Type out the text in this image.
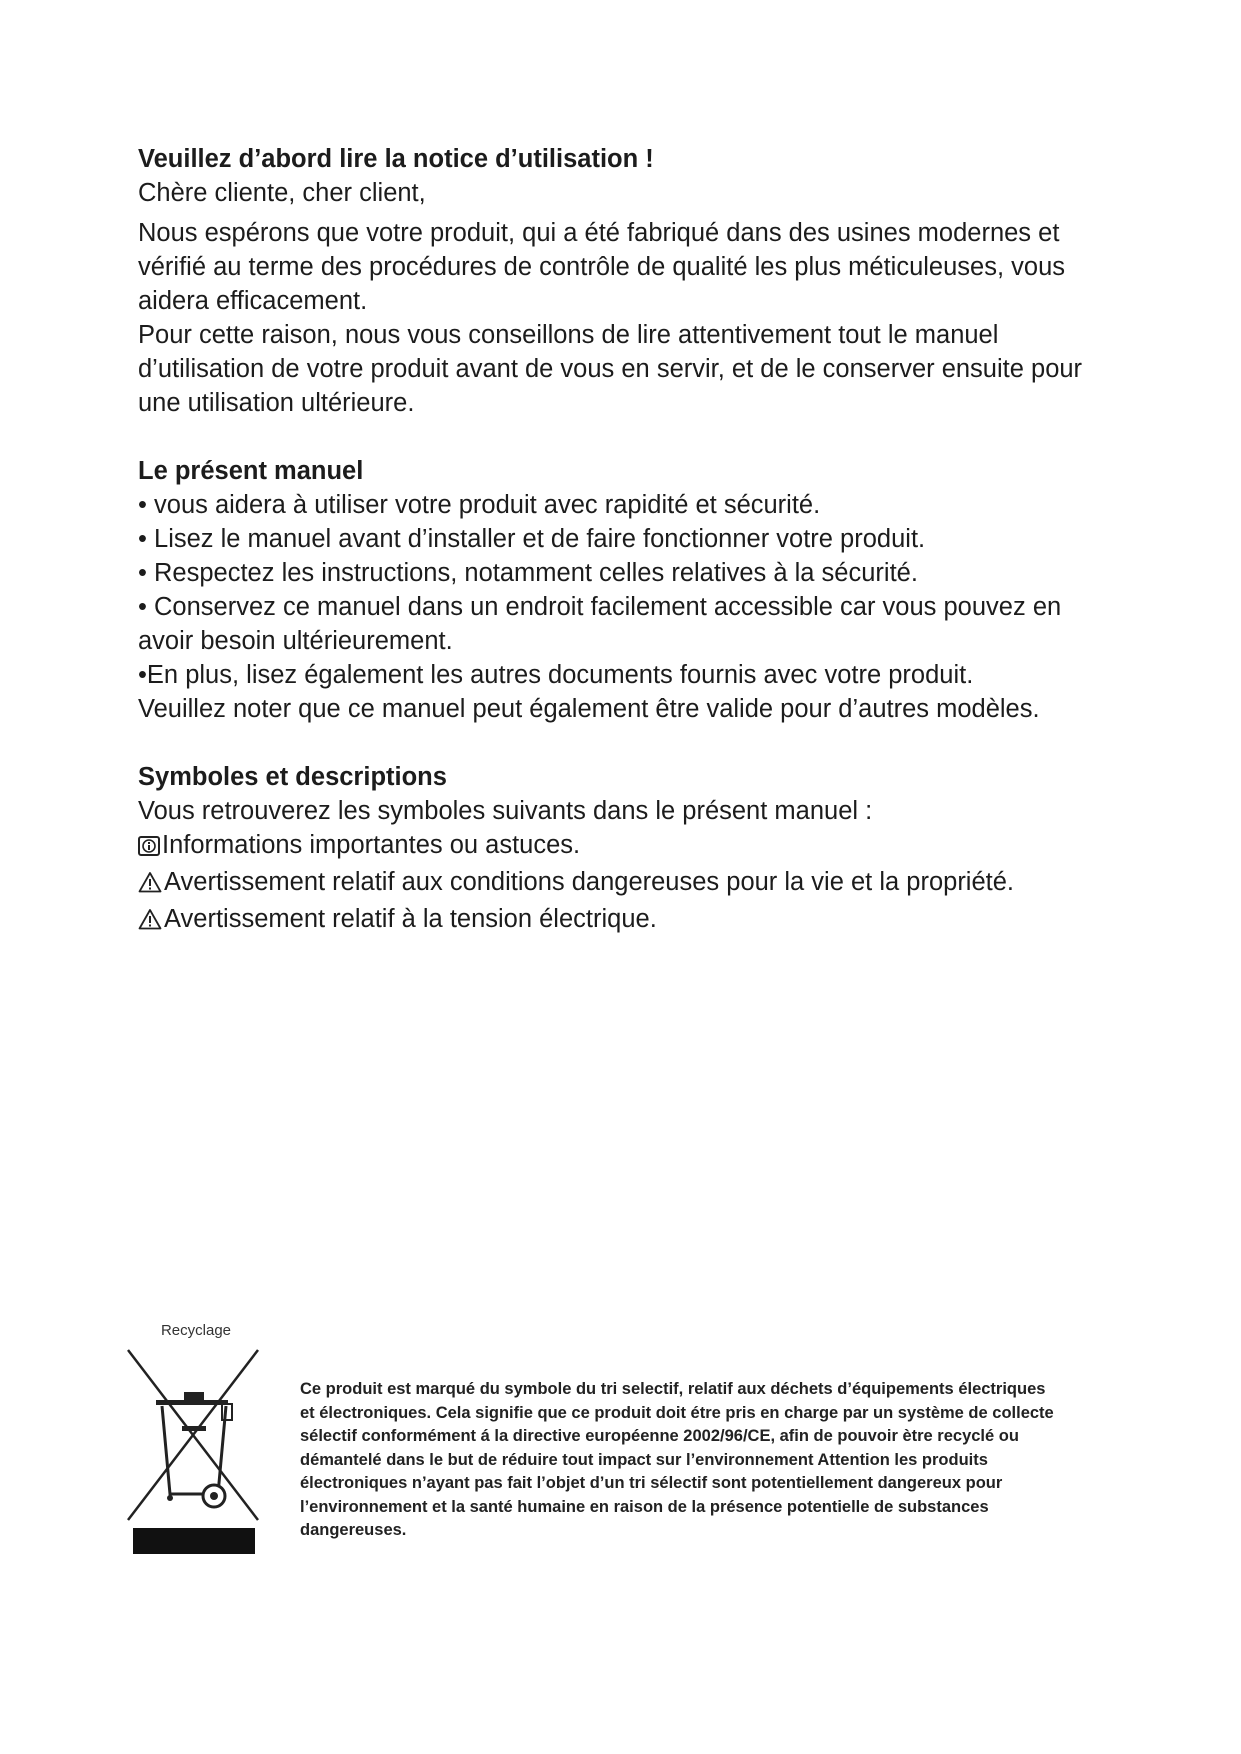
Veuillez d’abord lire la notice d’utilisation !

Chère cliente, cher client,

Nous espérons que votre produit, qui a été fabriqué dans des usines modernes et vérifié au terme des procédures de contrôle de qualité les plus méticuleuses, vous aidera efficacement.

Pour cette raison, nous vous conseillons de lire attentivement tout le manuel d’utilisation de votre produit avant de vous en servir, et de le conserver ensuite pour une utilisation ultérieure.

Le présent manuel

• vous aidera à utiliser votre produit avec rapidité et sécurité.

• Lisez le manuel avant d’installer et de faire fonctionner votre produit.

• Respectez les instructions, notamment celles relatives à la sécurité.

• Conservez ce manuel dans un endroit facilement accessible car vous pouvez en avoir besoin ultérieurement.

•En plus, lisez également les autres documents fournis avec votre produit.

Veuillez noter que ce manuel peut également être valide pour d’autres modèles.

Symboles et descriptions

Vous retrouverez les symboles suivants dans le présent manuel :

Informations importantes ou astuces.

Avertissement relatif aux conditions dangereuses pour la vie et la propriété.

Avertissement relatif à la tension électrique.

Recyclage
Ce produit est marqué du symbole du tri selectif, relatif aux déchets d’équipements électriques et électroniques. Cela signifie que ce produit doit étre pris en charge par un système de collecte sélectif conformément á la directive européenne 2002/96/CE, afin de pouvoir ètre recyclé ou démantelé dans le but de réduire tout impact sur l’environnement Attention les produits électroniques n’ayant pas fait l’objet d’un tri sélectif sont potentiellement dangereux pour l’environnement et la santé humaine en raison de la présence potentielle de substances dangereuses.
